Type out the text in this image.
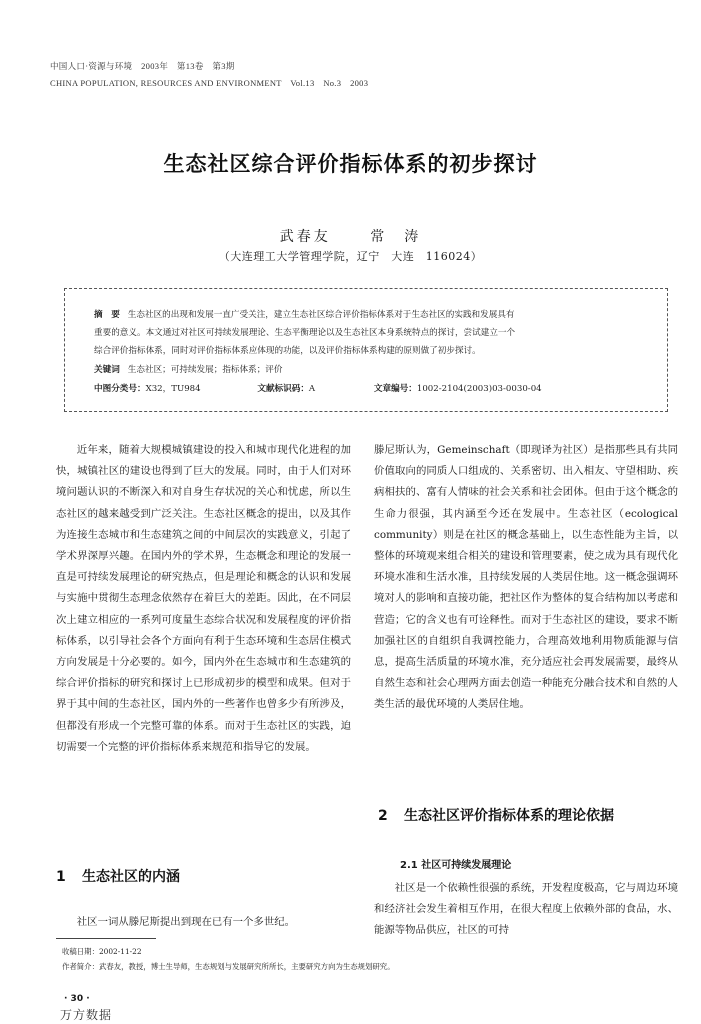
中国人口·资源与环境　2003年　第13卷　第3期
CHINA POPULATION, RESOURCES AND ENVIRONMENT　Vol.13　No.3　2003
生态社区综合评价指标体系的初步探讨
武春友	常　涛
（大连理工大学管理学院，辽宁　大连　116024）
摘　要 生态社区的出现和发展一直广受关注，建立生态社区综合评价指标体系对于生态社区的实践和发展具有
重要的意义。本文通过对社区可持续发展理论、生态平衡理论以及生态社区本身系统特点的探讨，尝试建立一个
综合评价指标体系，同时对评价指标体系应体现的功能，以及评价指标体系构建的原则做了初步探讨。
关键词 生态社区；可持续发展；指标体系；评价
中图分类号：X32，TU984	文献标识码：A	文章编号：1002-2104(2003)03-0030-04

近年来，随着大规模城镇建设的投入和城市现代化进程的加快，城镇社区的建设也得到了巨大的发展。同时，由于人们对环境问题认识的不断深入和对自身生存状况的关心和忧虑，所以生态社区的越来越受到广泛关注。生态社区概念的提出，以及其作为连接生态城市和生态建筑之间的中间层次的实践意义，引起了学术界深厚兴趣。在国内外的学术界，生态概念和理论的发展一直是可持续发展理论的研究热点，但是理论和概念的认识和发展与实施中贯彻生态理念依然存在着巨大的差距。因此，在不同层次上建立相应的一系列可度量生态综合状况和发展程度的评价指标体系，以引导社会各个方面向有利于生态环境和生态居住模式方向发展是十分必要的。如今，国内外在生态城市和生态建筑的综合评价指标的研究和探讨上已形成初步的模型和成果。但对于界于其中间的生态社区，国内外的一些著作也曾多少有所涉及，但都没有形成一个完整可靠的体系。而对于生态社区的实践，迫切需要一个完整的评价指标体系来规范和指导它的发展。

滕尼斯认为，Gemeinschaft（即现译为社区）是指那些具有共同价值取向的同质人口组成的、关系密切、出入相友、守望相助、疾病相扶的、富有人情味的社会关系和社会团体。但由于这个概念的生命力很强，其内涵至今还在发展中。生态社区（ecological community）则是在社区的概念基础上，以生态性能为主旨，以整体的环境观来组合相关的建设和管理要素，使之成为具有现代化环境水准和生活水准，且持续发展的人类居住地。这一概念强调环境对人的影响和直接功能，把社区作为整体的复合结构加以考虑和营造；它的含义也有可诠释性。而对于生态社区的建设，要求不断加强社区的自组织自我调控能力，合理高效地利用物质能源与信息，提高生活质量的环境水准，充分适应社会再发展需要，最终从自然生态和社会心理两方面去创造一种能充分融合技术和自然的人类生活的最优环境的人类居住地。

1 生态社区的内涵
社区一词从滕尼斯提出到现在已有一个多世纪。
2 生态社区评价指标体系的理论依据
2.1 社区可持续发展理论

社区是一个依赖性很强的系统，开发程度极高，它与周边环境和经济社会发生着相互作用，在很大程度上依赖外部的食品，水、能源等物品供应，社区的可持

收稿日期：2002-11-22
作者简介：武春友，教授，博士生导师，生态规划与发展研究所所长，主要研究方向为生态规划研究。
· 30 ·
万方数据
